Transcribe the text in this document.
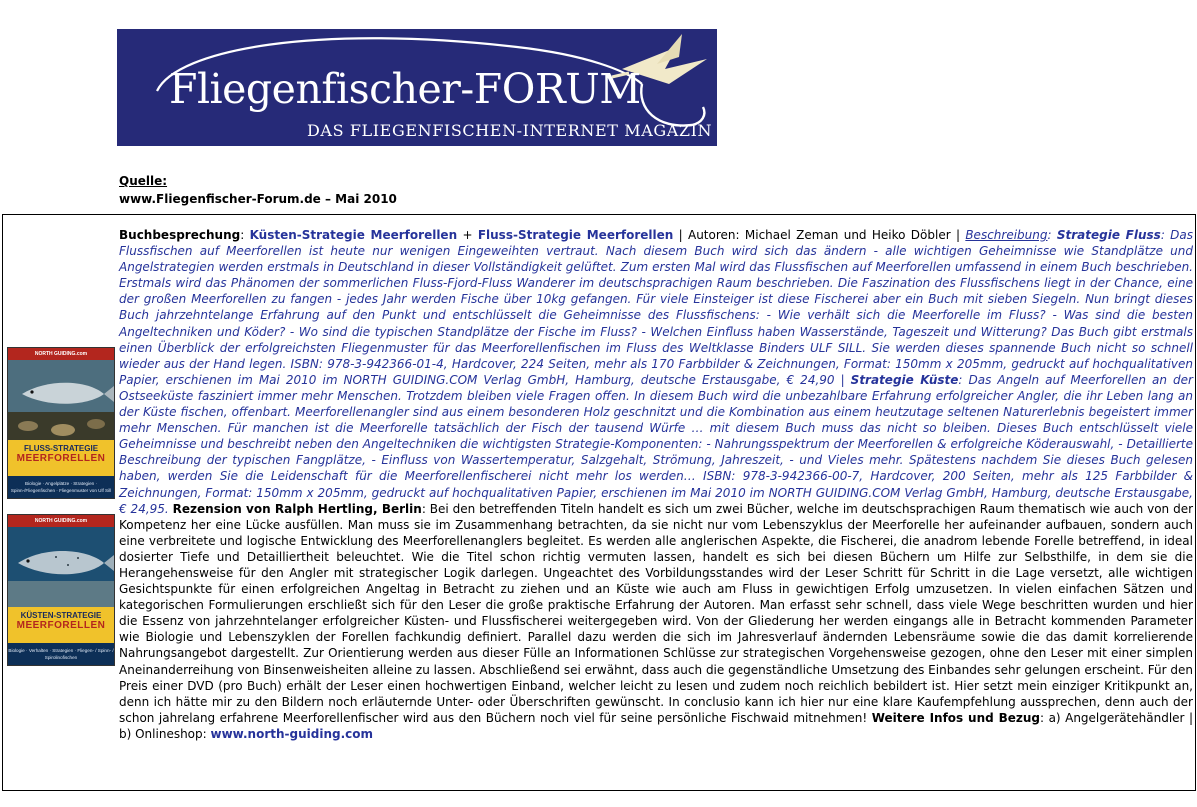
Fliegenfischer-FORUM
DAS FLIEGENFISCHEN-INTERNET MAGAZIN
Quelle:
www.Fliegenfischer-Forum.de – Mai 2010
NORTH GUIDING.com
FLUSS-STRATEGIE
MEERFORELLEN
Biologie · Angelplätze · Strategien · Spinn-/Fliegenfischen · Fliegenmuster von Ulf Sill
NORTH GUIDING.com
KÜSTEN-STRATEGIE
MEERFORELLEN
Biologie · Verhalten · Strategien · Fliegen- / Spinn- / Spirolinofischen
Buchbesprechung: Küsten-Strategie Meerforellen + Fluss-Strategie Meerforellen | Autoren: Michael Zeman und Heiko Döbler | Beschreibung: Strategie Fluss: Das Flussfischen auf Meerforellen ist heute nur wenigen Eingeweihten vertraut. Nach diesem Buch wird sich das ändern - alle wichtigen Geheimnisse wie Standplätze und Angelstrategien werden erstmals in Deutschland in dieser Vollständigkeit gelüftet. Zum ersten Mal wird das Flussfischen auf Meerforellen umfassend in einem Buch beschrieben. Erstmals wird das Phänomen der sommerlichen Fluss-Fjord-Fluss Wanderer im deutschsprachigen Raum beschrieben. Die Faszination des Flussfischens liegt in der Chance, eine der großen Meerforellen zu fangen - jedes Jahr werden Fische über 10kg gefangen. Für viele Einsteiger ist diese Fischerei aber ein Buch mit sieben Siegeln. Nun bringt dieses Buch jahrzehntelange Erfahrung auf den Punkt und entschlüsselt die Geheimnisse des Flussfischens: - Wie verhält sich die Meerforelle im Fluss? - Was sind die besten Angeltechniken und Köder? - Wo sind die typischen Standplätze der Fische im Fluss? - Welchen Einfluss haben Wasserstände, Tageszeit und Witterung? Das Buch gibt erstmals einen Überblick der erfolgreichsten Fliegenmuster für das Meerforellenfischen im Fluss des Weltklasse Binders ULF SILL. Sie werden dieses spannende Buch nicht so schnell wieder aus der Hand legen. ISBN: 978-3-942366-01-4, Hardcover, 224 Seiten, mehr als 170 Farbbilder & Zeichnungen, Format: 150mm x 205mm, gedruckt auf hochqualitativen Papier, erschienen im Mai 2010 im NORTH GUIDING.COM Verlag GmbH, Hamburg, deutsche Erstausgabe, € 24,90 | Strategie Küste: Das Angeln auf Meerforellen an der Ostseeküste fasziniert immer mehr Menschen. Trotzdem bleiben viele Fragen offen. In diesem Buch wird die unbezahlbare Erfahrung erfolgreicher Angler, die ihr Leben lang an der Küste fischen, offenbart. Meerforellenangler sind aus einem besonderen Holz geschnitzt und die Kombination aus einem heutzutage seltenen Naturerlebnis begeistert immer mehr Menschen. Für manchen ist die Meerforelle tatsächlich der Fisch der tausend Würfe … mit diesem Buch muss das nicht so bleiben. Dieses Buch entschlüsselt viele Geheimnisse und beschreibt neben den Angeltechniken die wichtigsten Strategie-Komponenten: - Nahrungsspektrum der Meerforellen & erfolgreiche Köderauswahl, - Detaillierte Beschreibung der typischen Fangplätze, - Einfluss von Wassertemperatur, Salzgehalt, Strömung, Jahreszeit, - und Vieles mehr. Spätestens nachdem Sie dieses Buch gelesen haben, werden Sie die Leidenschaft für die Meerforellenfischerei nicht mehr los werden… ISBN: 978-3-942366-00-7, Hardcover, 200 Seiten, mehr als 125 Farbbilder & Zeichnungen, Format: 150mm x 205mm, gedruckt auf hochqualitativen Papier, erschienen im Mai 2010 im NORTH GUIDING.COM Verlag GmbH, Hamburg, deutsche Erstausgabe, € 24,95. Rezension von Ralph Hertling, Berlin: Bei den betreffenden Titeln handelt es sich um zwei Bücher, welche im deutschsprachigen Raum thematisch wie auch von der Kompetenz her eine Lücke ausfüllen. Man muss sie im Zusammenhang betrachten, da sie nicht nur vom Lebenszyklus der Meerforelle her aufeinander aufbauen, sondern auch eine verbreitete und logische Entwicklung des Meerforellenanglers begleitet. Es werden alle anglerischen Aspekte, die Fischerei, die anadrom lebende Forelle betreffend, in ideal dosierter Tiefe und Detailliertheit beleuchtet. Wie die Titel schon richtig vermuten lassen, handelt es sich bei diesen Büchern um Hilfe zur Selbsthilfe, in dem sie die Herangehensweise für den Angler mit strategischer Logik darlegen. Ungeachtet des Vorbildungsstandes wird der Leser Schritt für Schritt in die Lage versetzt, alle wichtigen Gesichtspunkte für einen erfolgreichen Angeltag in Betracht zu ziehen und an Küste wie auch am Fluss in gewichtigen Erfolg umzusetzen. In vielen einfachen Sätzen und kategorischen Formulierungen erschließt sich für den Leser die große praktische Erfahrung der Autoren. Man erfasst sehr schnell, dass viele Wege beschritten wurden und hier die Essenz von jahrzehntelanger erfolgreicher Küsten- und Flussfischerei weitergegeben wird. Von der Gliederung her werden eingangs alle in Betracht kommenden Parameter wie Biologie und Lebenszyklen der Forellen fachkundig definiert. Parallel dazu werden die sich im Jahresverlauf ändernden Lebensräume sowie die das damit korrelierende Nahrungsangebot dargestellt. Zur Orientierung werden aus dieser Fülle an Informationen Schlüsse zur strategischen Vorgehensweise gezogen, ohne den Leser mit einer simplen Aneinanderreihung von Binsenweisheiten alleine zu lassen. Abschließend sei erwähnt, dass auch die gegenständliche Umsetzung des Einbandes sehr gelungen erscheint. Für den Preis einer DVD (pro Buch) erhält der Leser einen hochwertigen Einband, welcher leicht zu lesen und zudem noch reichlich bebildert ist. Hier setzt mein einziger Kritikpunkt an, denn ich hätte mir zu den Bildern noch erläuternde Unter- oder Überschriften gewünscht. In conclusio kann ich hier nur eine klare Kaufempfehlung aussprechen, denn auch der schon jahrelang erfahrene Meerforellenfischer wird aus den Büchern noch viel für seine persönliche Fischwaid mitnehmen! Weitere Infos und Bezug: a) Angelgerätehändler | b) Onlineshop: www.north-guiding.com
